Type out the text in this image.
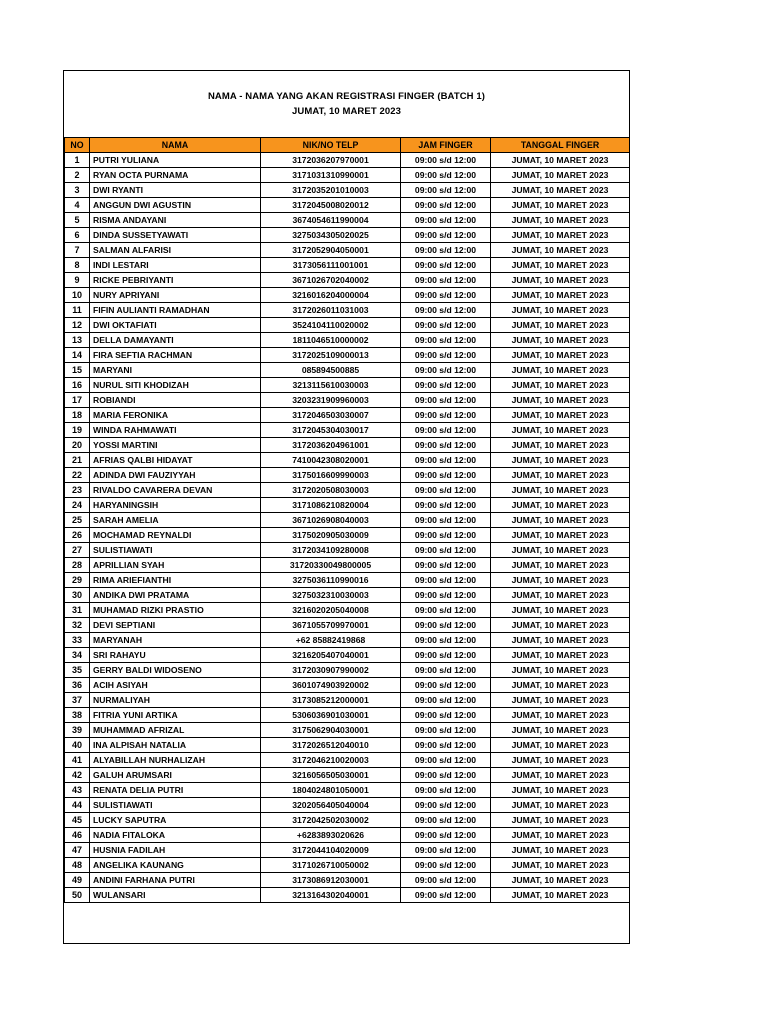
NAMA - NAMA YANG AKAN REGISTRASI FINGER (BATCH 1)
JUMAT, 10 MARET 2023
NO	NAMA	NIK/NO TELP	JAM FINGER	TANGGAL FINGER
1	PUTRI YULIANA	3172036207970001	09:00 s/d 12:00	JUMAT, 10 MARET 2023
2	RYAN OCTA PURNAMA	3171031310990001	09:00 s/d 12:00	JUMAT, 10 MARET 2023
3	DWI RYANTI	3172035201010003	09:00 s/d 12:00	JUMAT, 10 MARET 2023
4	ANGGUN DWI AGUSTIN	3172045008020012	09:00 s/d 12:00	JUMAT, 10 MARET 2023
5	RISMA ANDAYANI	3674054611990004	09:00 s/d 12:00	JUMAT, 10 MARET 2023
6	DINDA SUSSETYAWATI	3275034305020025	09:00 s/d 12:00	JUMAT, 10 MARET 2023
7	SALMAN ALFARISI	3172052904050001	09:00 s/d 12:00	JUMAT, 10 MARET 2023
8	INDI LESTARI	3173056111001001	09:00 s/d 12:00	JUMAT, 10 MARET 2023
9	RICKE PEBRIYANTI	3671026702040002	09:00 s/d 12:00	JUMAT, 10 MARET 2023
10	NURY APRIYANI	3216016204000004	09:00 s/d 12:00	JUMAT, 10 MARET 2023
11	FIFIN AULIANTI RAMADHAN	3172026011031003	09:00 s/d 12:00	JUMAT, 10 MARET 2023
12	DWI OKTAFIATI	3524104110020002	09:00 s/d 12:00	JUMAT, 10 MARET 2023
13	DELLA DAMAYANTI	1811046510000002	09:00 s/d 12:00	JUMAT, 10 MARET 2023
14	FIRA SEFTIA RACHMAN	3172025109000013	09:00 s/d 12:00	JUMAT, 10 MARET 2023
15	MARYANI	085894500885	09:00 s/d 12:00	JUMAT, 10 MARET 2023
16	NURUL SITI KHODIZAH	3213115610030003	09:00 s/d 12:00	JUMAT, 10 MARET 2023
17	ROBIANDI	3203231909960003	09:00 s/d 12:00	JUMAT, 10 MARET 2023
18	MARIA FERONIKA	3172046503030007	09:00 s/d 12:00	JUMAT, 10 MARET 2023
19	WINDA RAHMAWATI	3172045304030017	09:00 s/d 12:00	JUMAT, 10 MARET 2023
20	YOSSI MARTINI	3172036204961001	09:00 s/d 12:00	JUMAT, 10 MARET 2023
21	AFRIAS QALBI HIDAYAT	7410042308020001	09:00 s/d 12:00	JUMAT, 10 MARET 2023
22	ADINDA DWI FAUZIYYAH	3175016609990003	09:00 s/d 12:00	JUMAT, 10 MARET 2023
23	RIVALDO CAVARERA DEVAN	3172020508030003	09:00 s/d 12:00	JUMAT, 10 MARET 2023
24	HARYANINGSIH	3171086210820004	09:00 s/d 12:00	JUMAT, 10 MARET 2023
25	SARAH AMELIA	3671026908040003	09:00 s/d 12:00	JUMAT, 10 MARET 2023
26	MOCHAMAD REYNALDI	3175020905030009	09:00 s/d 12:00	JUMAT, 10 MARET 2023
27	SULISTIAWATI	3172034109280008	09:00 s/d 12:00	JUMAT, 10 MARET 2023
28	APRILLIAN SYAH	31720330049800005	09:00 s/d 12:00	JUMAT, 10 MARET 2023
29	RIMA ARIEFIANTHI	3275036110990016	09:00 s/d 12:00	JUMAT, 10 MARET 2023
30	ANDIKA DWI PRATAMA	3275032310030003	09:00 s/d 12:00	JUMAT, 10 MARET 2023
31	MUHAMAD RIZKI PRASTIO	3216020205040008	09:00 s/d 12:00	JUMAT, 10 MARET 2023
32	DEVI SEPTIANI	3671055709970001	09:00 s/d 12:00	JUMAT, 10 MARET 2023
33	MARYANAH	+62 85882419868	09:00 s/d 12:00	JUMAT, 10 MARET 2023
34	SRI RAHAYU	3216205407040001	09:00 s/d 12:00	JUMAT, 10 MARET 2023
35	GERRY BALDI WIDOSENO	3172030907990002	09:00 s/d 12:00	JUMAT, 10 MARET 2023
36	ACIH ASIYAH	3601074903920002	09:00 s/d 12:00	JUMAT, 10 MARET 2023
37	NURMALIYAH	3173085212000001	09:00 s/d 12:00	JUMAT, 10 MARET 2023
38	FITRIA YUNI ARTIKA	5306036901030001	09:00 s/d 12:00	JUMAT, 10 MARET 2023
39	MUHAMMAD AFRIZAL	3175062904030001	09:00 s/d 12:00	JUMAT, 10 MARET 2023
40	INA ALPISAH NATALIA	3172026512040010	09:00 s/d 12:00	JUMAT, 10 MARET 2023
41	ALYABILLAH NURHALIZAH	3172046210020003	09:00 s/d 12:00	JUMAT, 10 MARET 2023
42	GALUH ARUMSARI	3216056505030001	09:00 s/d 12:00	JUMAT, 10 MARET 2023
43	RENATA DELIA PUTRI	1804024801050001	09:00 s/d 12:00	JUMAT, 10 MARET 2023
44	SULISTIAWATI	3202056405040004	09:00 s/d 12:00	JUMAT, 10 MARET 2023
45	LUCKY SAPUTRA	3172042502030002	09:00 s/d 12:00	JUMAT, 10 MARET 2023
46	NADIA FITALOKA	+6283893020626	09:00 s/d 12:00	JUMAT, 10 MARET 2023
47	HUSNIA FADILAH	3172044104020009	09:00 s/d 12:00	JUMAT, 10 MARET 2023
48	ANGELIKA KAUNANG	3171026710050002	09:00 s/d 12:00	JUMAT, 10 MARET 2023
49	ANDINI FARHANA PUTRI	3173086912030001	09:00 s/d 12:00	JUMAT, 10 MARET 2023
50	WULANSARI	3213164302040001	09:00 s/d 12:00	JUMAT, 10 MARET 2023
